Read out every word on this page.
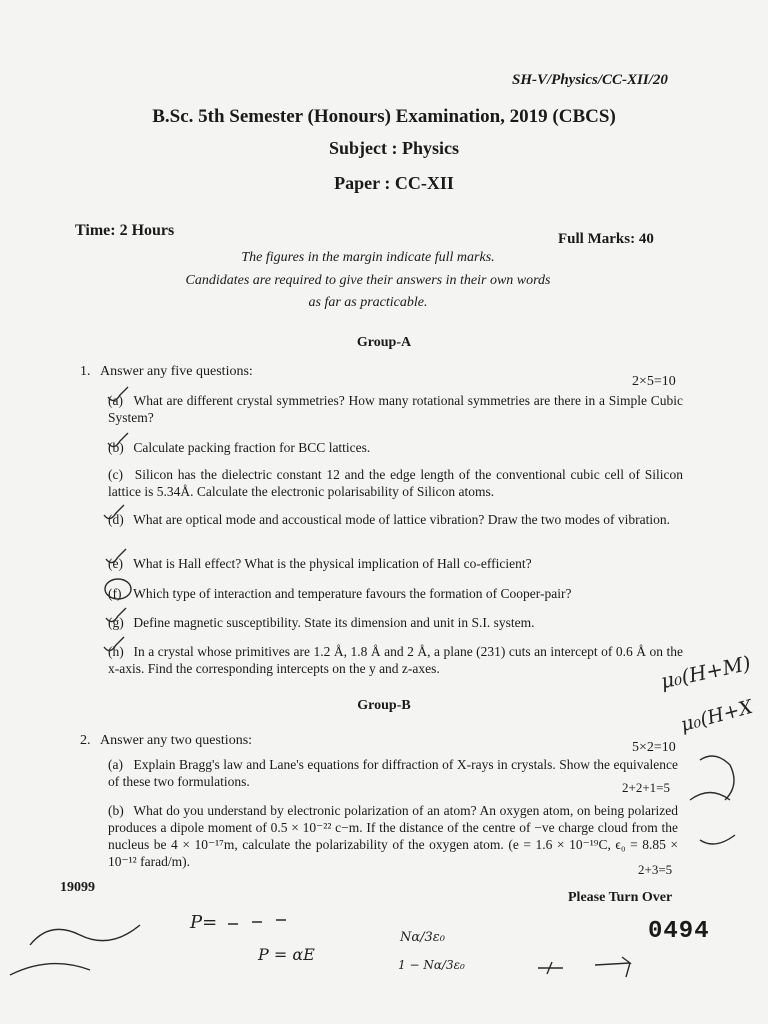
SH-V/Physics/CC-XII/20
B.Sc. 5th Semester (Honours) Examination, 2019 (CBCS)
Subject : Physics
Paper : CC-XII
Time: 2 Hours	Full Marks: 40
The figures in the margin indicate full marks.
Candidates are required to give their answers in their own words
as far as practicable.
Group-A
1. Answer any five questions:
2×5=10
(a) What are different crystal symmetries? How many rotational symmetries are there in a Simple Cubic System?
(b) Calculate packing fraction for BCC lattices.
(c) Silicon has the dielectric constant 12 and the edge length of the conventional cubic cell of Silicon lattice is 5.34Å. Calculate the electronic polarisability of Silicon atoms.
(d) What are optical mode and accoustical mode of lattice vibration? Draw the two modes of vibration.
(e) What is Hall effect? What is the physical implication of Hall co-efficient?
(f) Which type of interaction and temperature favours the formation of Cooper-pair?
(g) Define magnetic susceptibility. State its dimension and unit in S.I. system.
(h) In a crystal whose primitives are 1.2 Å, 1.8 Å and 2 Å, a plane (231) cuts an intercept of 0.6 Å on the x-axis. Find the corresponding intercepts on the y and z-axes.
Group-B
2. Answer any two questions:	5×2=10
(a) Explain Bragg's law and Lane's equations for diffraction of X-rays in crystals. Show the equivalence of these two formulations.	2+2+1=5
(b) What do you understand by electronic polarization of an atom? An oxygen atom, on being polarized produces a dipole moment of 0.5 × 10⁻²² c−m. If the distance of the centre of −ve charge cloud from the nucleus be 4 × 10⁻¹⁷m, calculate the polarizability of the oxygen atom. (e = 1.6 × 10⁻¹⁹C, ϵ₀ = 8.85 × 10⁻¹² farad/m).
2+3=5
19099
Please Turn Over
0494
μ₀(H+M)
μ₀(H+X
P=
P = αE
Nα/3ε₀
1 − Nα/3ε₀
